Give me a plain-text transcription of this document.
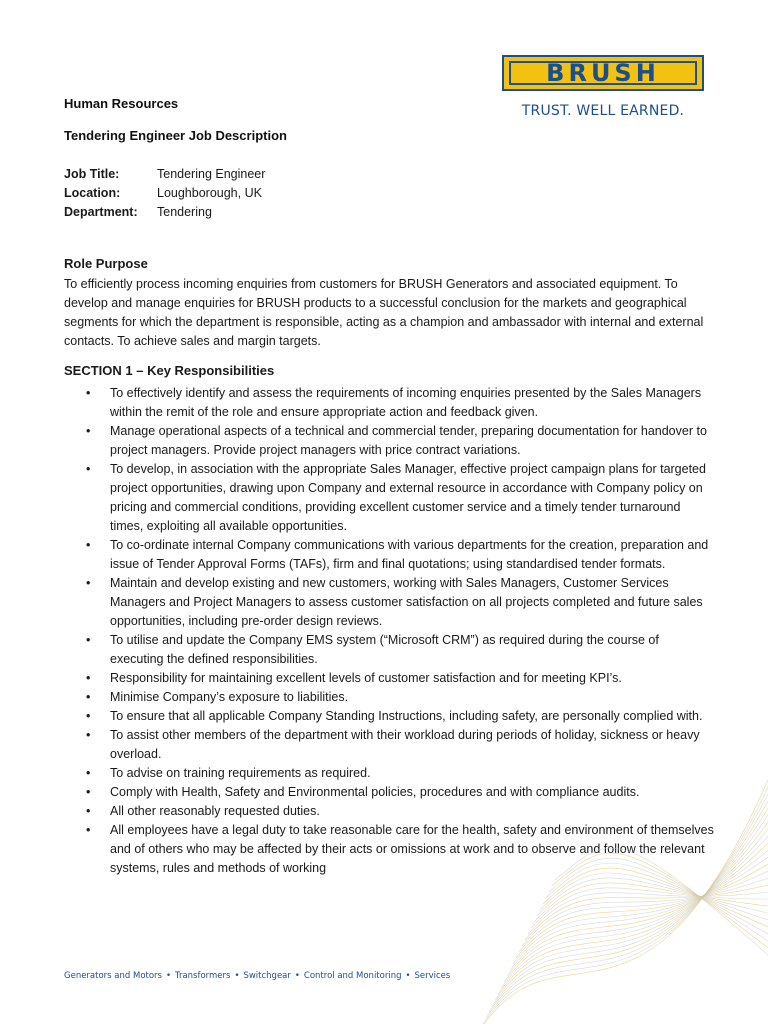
BRUSH
TRUST. WELL EARNED.
Human Resources
Tendering Engineer Job Description
Job Title:	Tendering Engineer
Location:	Loughborough, UK
Department:	Tendering
Role Purpose
To efficiently process incoming enquiries from customers for BRUSH Generators and associated equipment. To develop and manage enquiries for BRUSH products to a successful conclusion for the markets and geographical segments for which the department is responsible, acting as a champion and ambassador with internal and external contacts. To achieve sales and margin targets.
SECTION 1 – Key Responsibilities
• To effectively identify and assess the requirements of incoming enquiries presented by the Sales Managers within the remit of the role and ensure appropriate action and feedback given.
• Manage operational aspects of a technical and commercial tender, preparing documentation for handover to project managers. Provide project managers with price contract variations.
• To develop, in association with the appropriate Sales Manager, effective project campaign plans for targeted project opportunities, drawing upon Company and external resource in accordance with Company policy on pricing and commercial conditions, providing excellent customer service and a timely tender turnaround times, exploiting all available opportunities.
• To co-ordinate internal Company communications with various departments for the creation, preparation and issue of Tender Approval Forms (TAFs), firm and final quotations; using standardised tender formats.
• Maintain and develop existing and new customers, working with Sales Managers, Customer Services Managers and Project Managers to assess customer satisfaction on all projects completed and future sales opportunities, including pre-order design reviews.
• To utilise and update the Company EMS system (“Microsoft CRM”) as required during the course of executing the defined responsibilities.
• Responsibility for maintaining excellent levels of customer satisfaction and for meeting KPI’s.
• Minimise Company’s exposure to liabilities.
• To ensure that all applicable Company Standing Instructions, including safety, are personally complied with.
• To assist other members of the department with their workload during periods of holiday, sickness or heavy overload.
• To advise on training requirements as required.
• Comply with Health, Safety and Environmental policies, procedures and with compliance audits.
• All other reasonably requested duties.
• All employees have a legal duty to take reasonable care for the health, safety and environment of themselves and of others who may be affected by their acts or omissions at work and to observe and follow the relevant systems, rules and methods of working
Generators and Motors • Transformers • Switchgear • Control and Monitoring • Services
